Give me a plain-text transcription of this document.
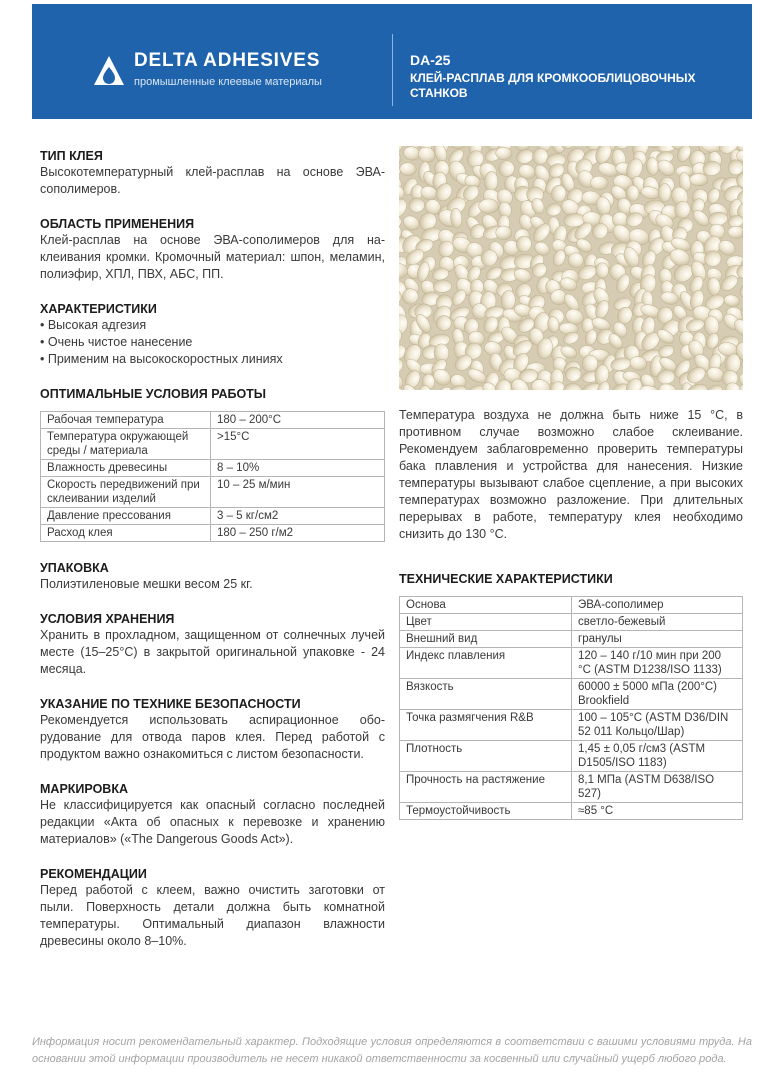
DELTA ADHESIVES
промышленные клеевые материалы
DA-25
КЛЕЙ-РАСПЛАВ ДЛЯ КРОМКООБЛИЦОВОЧНЫХ СТАНКОВ
ТИП КЛЕЯ
Высокотемпературный клей-расплав на основе ЭВА-сополимеров.
ОБЛАСТЬ ПРИМЕНЕНИЯ
Клей-расплав на основе ЭВА-сополимеров для на-клеивания кромки. Кромочный материал: шпон, меламин, полиэфир, ХПЛ, ПВХ, АБС, ПП.
ХАРАКТЕРИСТИКИ
• Высокая адгезия
• Очень чистое нанесение
• Применим на высокоскоростных линиях
ОПТИМАЛЬНЫЕ УСЛОВИЯ РАБОТЫ
Рабочая температура	180 – 200°C
Температура окружающей среды / материала	>15°C
Влажность древесины	8 – 10%
Скорость передвижений при склеивании изделий	10 – 25 м/мин
Давление прессования	3 – 5 кг/см2
Расход клея	180 – 250 г/м2
УПАКОВКА
Полиэтиленовые мешки весом 25 кг.
УСЛОВИЯ ХРАНЕНИЯ
Хранить в прохладном, защищенном от солнечных лучей месте (15–25°C) в закрытой оригинальной упаковке - 24 месяца.
УКАЗАНИЕ ПО ТЕХНИКЕ БЕЗОПАСНОСТИ
Рекомендуется использовать аспирационное обо-рудование для отвода паров клея. Перед работой с продуктом важно ознакомиться с листом безопасности.
МАРКИРОВКА
Не классифицируется как опасный согласно последней редакции «Акта об опасных к перевозке и хранению материалов» («The Dangerous Goods Act»).
РЕКОМЕНДАЦИИ
Перед работой с клеем, важно очистить заготовки от пыли. Поверхность детали должна быть комнатной температуры. Оптимальный диапазон влажности древесины около 8–10%.
Температура воздуха не должна быть ниже 15 °C, в противном случае возможно слабое склеивание. Рекомендуем заблаговременно проверить температуры бака плавления и устройства для нанесения. Низкие температуры вызывают слабое сцепление, а при высоких температурах возможно разложение. При длительных перерывах в работе, температуру клея необходимо снизить до 130 °C.
ТЕХНИЧЕСКИЕ ХАРАКТЕРИСТИКИ
Основа	ЭВА-сополимер
Цвет	светло-бежевый
Внешний вид	гранулы
Индекс плавления	120 – 140 г/10 мин при 200 °C (ASTM D1238/ISO 1133)
Вязкость	60000 ± 5000 мПа (200°C) Brookfield
Точка размягчения R&B	100 – 105°C (ASTM D36/DIN 52 011 Кольцо/Шар)
Плотность	1,45 ± 0,05 г/см3 (ASTM D1505/ISO 1183)
Прочность на растяжение	8,1 МПа (ASTM D638/ISO 527)
Термоустойчивость	≈85 °C
Информация носит рекомендательный характер. Подходящие условия определяются в соответствии с вашими условиями труда. На основании этой информации производитель не несет никакой ответственности за косвенный или случайный ущерб любого рода.
